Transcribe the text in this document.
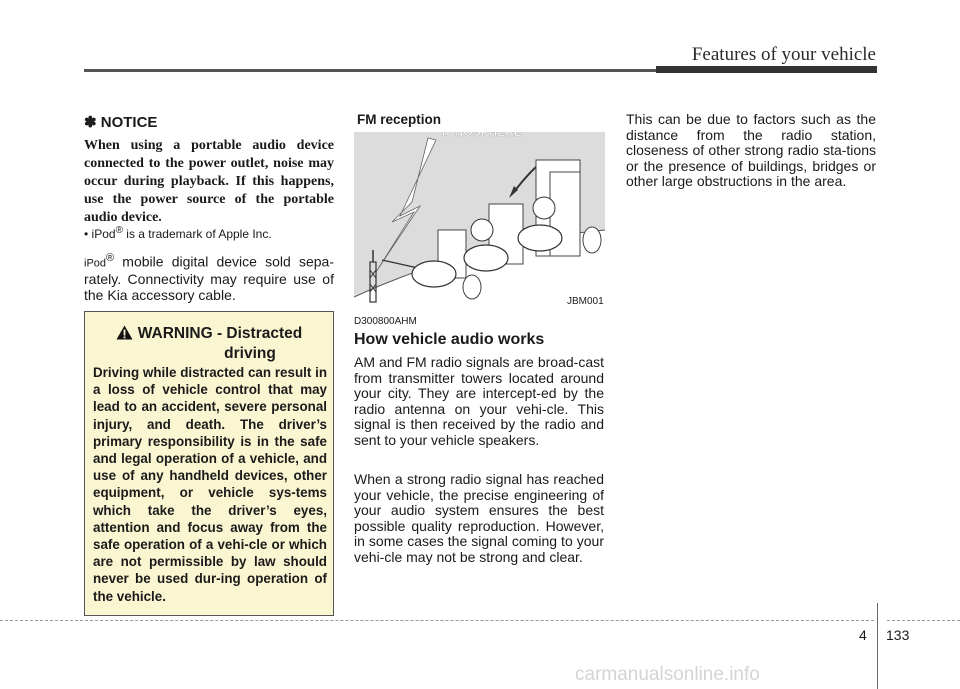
Features of your vehicle
✽ NOTICE
When using a portable audio device connected to the power outlet, noise may occur during playback. If this happens, use the power source of the portable audio device.
• iPod® is a trademark of Apple Inc.
iPod® mobile digital device sold sepa-rately. Connectivity may require use of the Kia accessory cable.
WARNING - Distracted
driving
Driving while distracted can result in a loss of vehicle control that may lead to an accident, severe personal injury, and death. The driver’s primary responsibility is in the safe and legal operation of a vehicle, and use of any handheld devices, other equipment, or vehicle sys-tems which take the driver’s eyes, attention and focus away from the safe operation of a vehi-cle or which are not permissible by law should never be used dur-ing operation of the vehicle.
FM reception
JBM001
D300800AHM
How vehicle audio works
AM and FM radio signals are broad-cast from transmitter towers located around your city. They are intercept-ed by the radio antenna on your vehi-cle. This signal is then received by the radio and sent to your vehicle speakers.
When a strong radio signal has reached your vehicle, the precise engineering of your audio system ensures the best possible quality reproduction. However, in some cases the signal coming to your vehi-cle may not be strong and clear.
This can be due to factors such as the distance from the radio station, closeness of other strong radio sta-tions or the presence of buildings, bridges or other large obstructions in the area.
4 133
carmanualsonline.info
